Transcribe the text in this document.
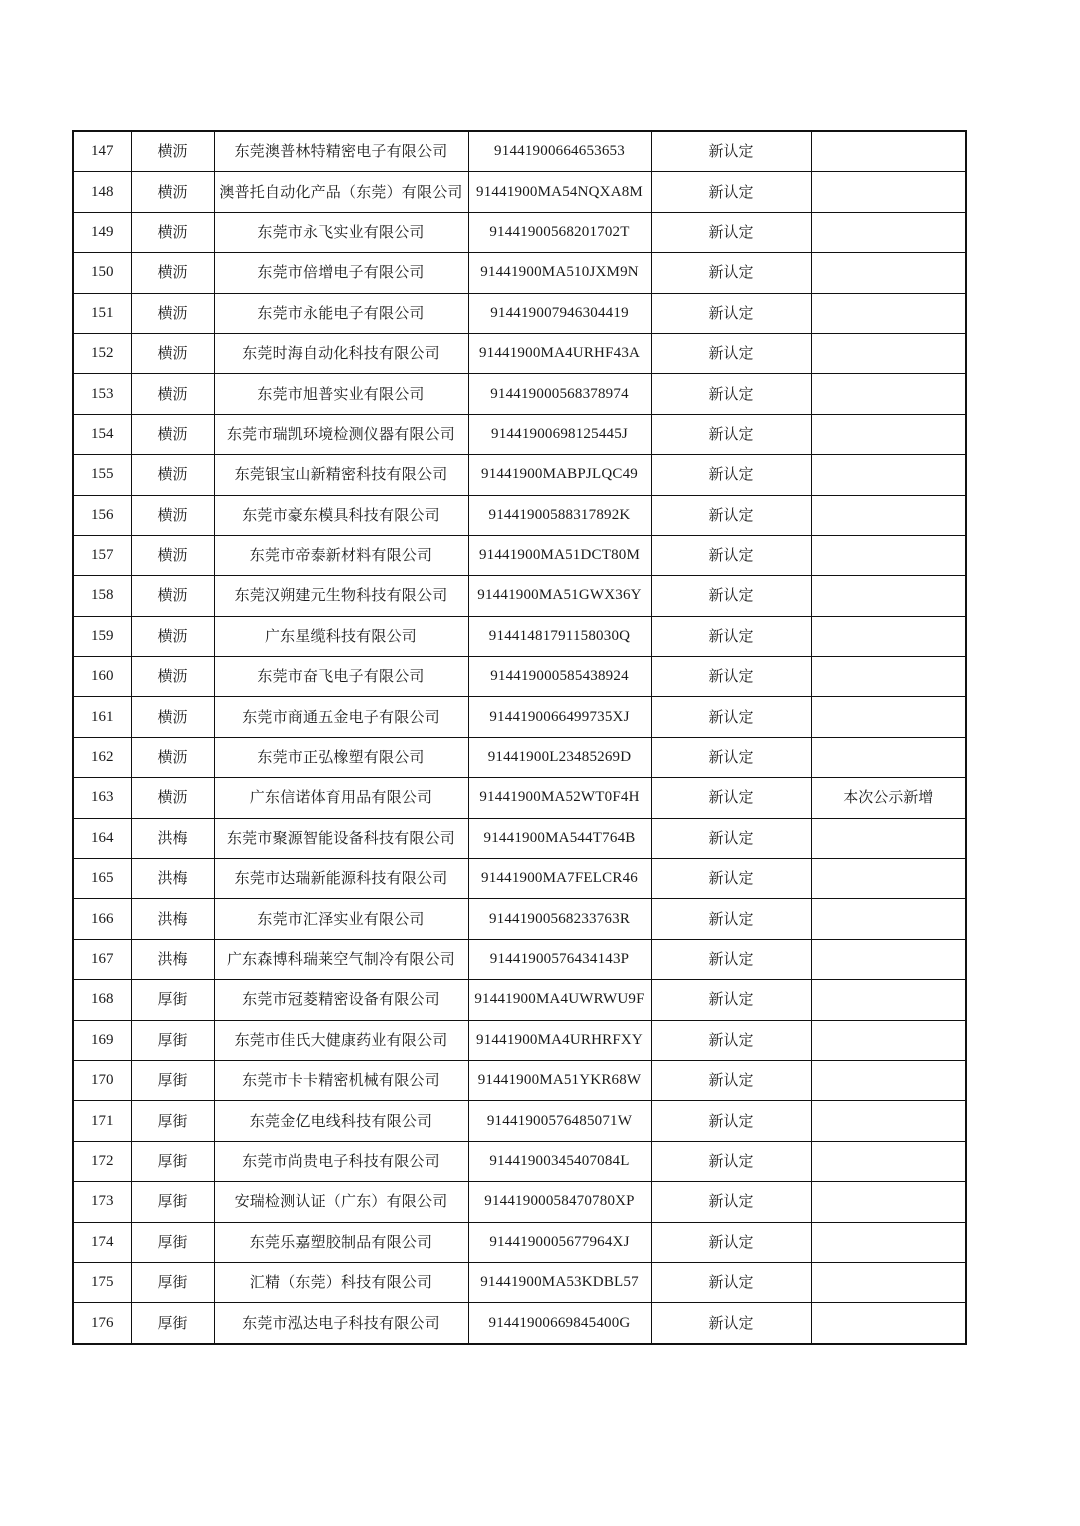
147	横沥	东莞澳普林特精密电子有限公司	91441900664653653	新认定	
148	横沥	澳普托自动化产品（东莞）有限公司	91441900MA54NQXA8M	新认定	
149	横沥	东莞市永飞实业有限公司	91441900568201702T	新认定	
150	横沥	东莞市倍增电子有限公司	91441900MA510JXM9N	新认定	
151	横沥	东莞市永能电子有限公司	914419007946304419	新认定	
152	横沥	东莞时海自动化科技有限公司	91441900MA4URHF43A	新认定	
153	横沥	东莞市旭普实业有限公司	914419000568378974	新认定	
154	横沥	东莞市瑞凯环境检测仪器有限公司	91441900698125445J	新认定	
155	横沥	东莞银宝山新精密科技有限公司	91441900MABPJLQC49	新认定	
156	横沥	东莞市豪东模具科技有限公司	91441900588317892K	新认定	
157	横沥	东莞市帝泰新材料有限公司	91441900MA51DCT80M	新认定	
158	横沥	东莞汉朔建元生物科技有限公司	91441900MA51GWX36Y	新认定	
159	横沥	广东星缆科技有限公司	91441481791158030Q	新认定	
160	横沥	东莞市奋飞电子有限公司	914419000585438924	新认定	
161	横沥	东莞市商通五金电子有限公司	9144190066499735XJ	新认定	
162	横沥	东莞市正弘橡塑有限公司	91441900L23485269D	新认定	
163	横沥	广东信诺体育用品有限公司	91441900MA52WT0F4H	新认定	本次公示新增
164	洪梅	东莞市聚源智能设备科技有限公司	91441900MA544T764B	新认定	
165	洪梅	东莞市达瑞新能源科技有限公司	91441900MA7FELCR46	新认定	
166	洪梅	东莞市汇泽实业有限公司	91441900568233763R	新认定	
167	洪梅	广东森博科瑞莱空气制冷有限公司	91441900576434143P	新认定	
168	厚街	东莞市冠菱精密设备有限公司	91441900MA4UWRWU9F	新认定	
169	厚街	东莞市佳氏大健康药业有限公司	91441900MA4URHRFXY	新认定	
170	厚街	东莞市卡卡精密机械有限公司	91441900MA51YKR68W	新认定	
171	厚街	东莞金亿电线科技有限公司	91441900576485071W	新认定	
172	厚街	东莞市尚贵电子科技有限公司	91441900345407084L	新认定	
173	厚街	安瑞检测认证（广东）有限公司	91441900058470780XP	新认定	
174	厚街	东莞乐嘉塑胶制品有限公司	9144190005677964XJ	新认定	
175	厚街	汇精（东莞）科技有限公司	91441900MA53KDBL57	新认定	
176	厚街	东莞市泓达电子科技有限公司	91441900669845400G	新认定	
